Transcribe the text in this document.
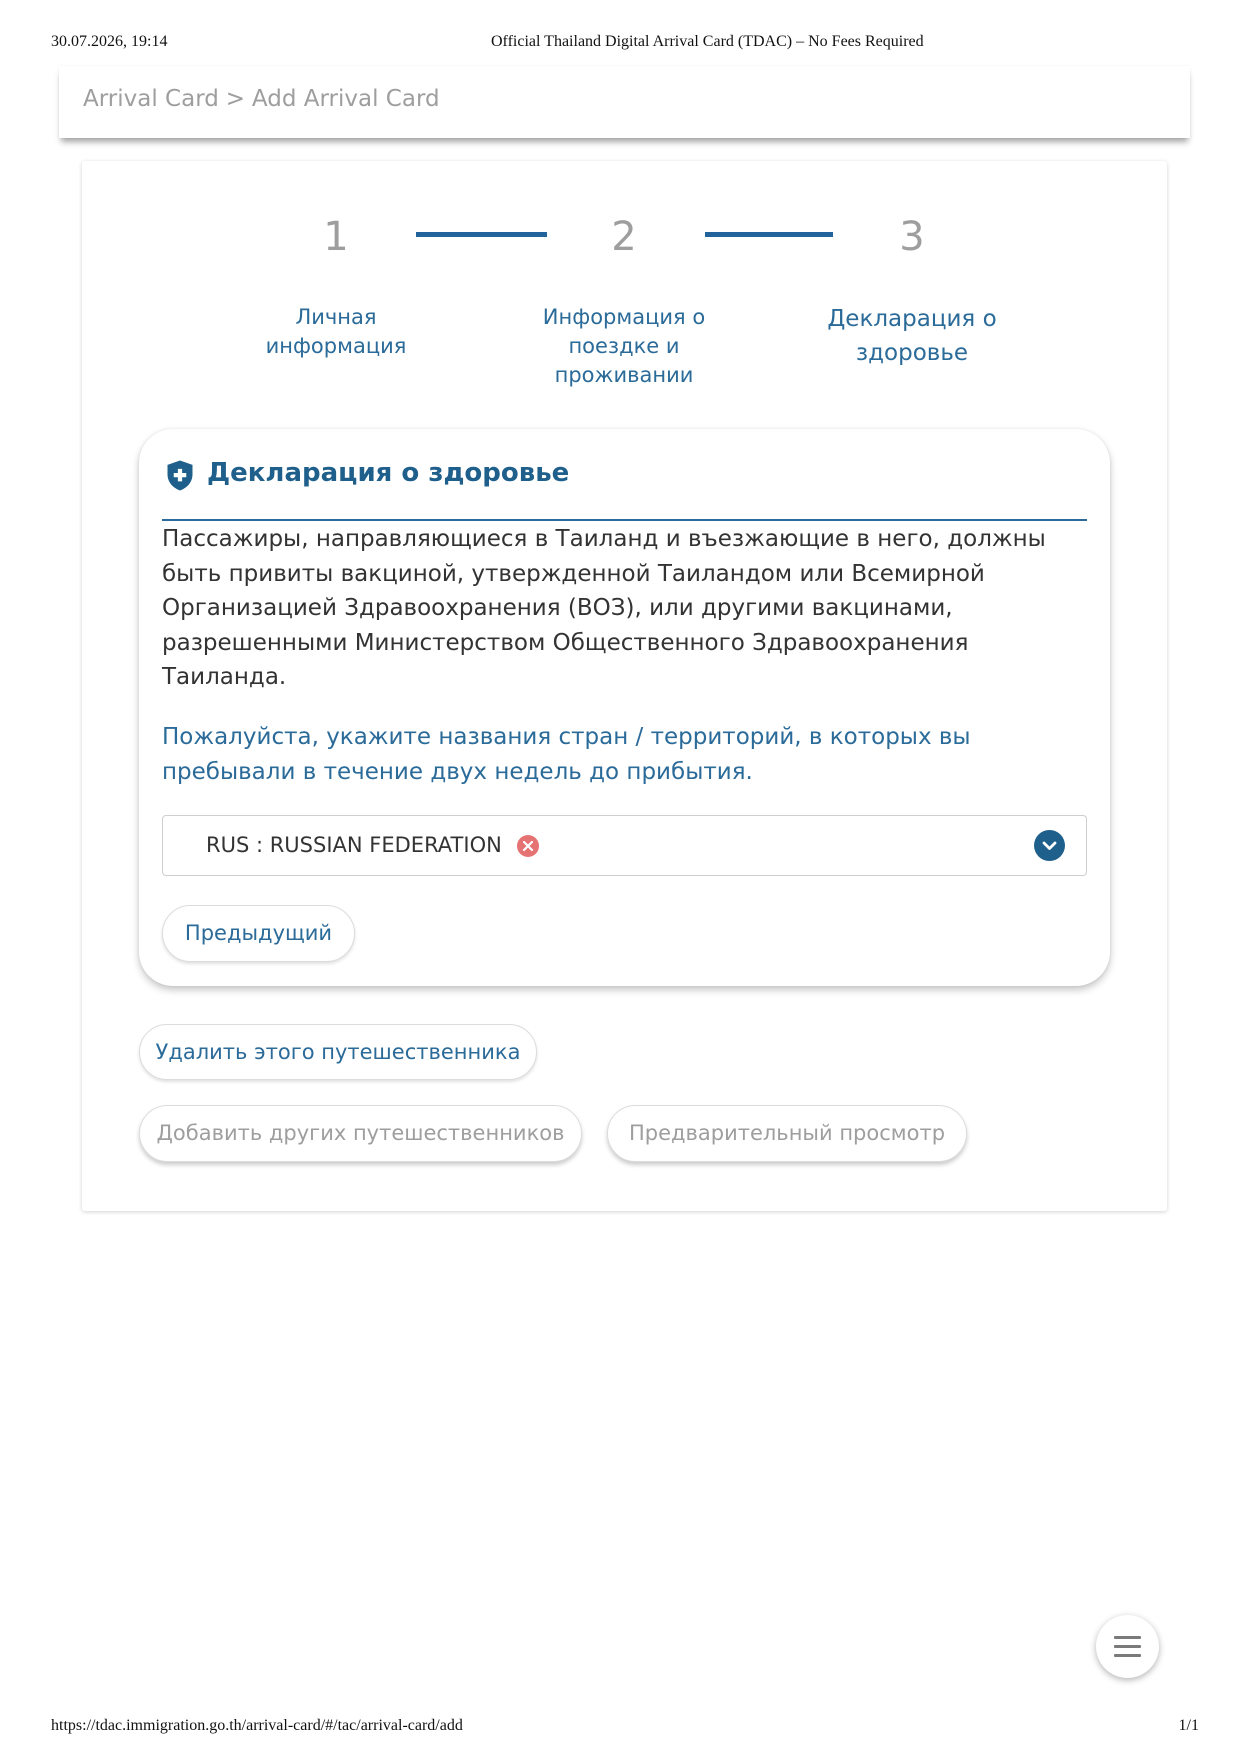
30.07.2026, 19:14	Official Thailand Digital Arrival Card (TDAC) – No Fees Required
Arrival Card > Add Arrival Card
1
Личная информация
2
Информация о поездке и проживании
3
Декларация о здоровье
Декларация о здоровье
Пассажиры, направляющиеся в Таиланд и въезжающие в него, должны быть привиты вакциной, утвержденной Таиландом или Всемирной Организацией Здравоохранения (ВОЗ), или другими вакцинами, разрешенными Министерством Общественного Здравоохранения Таиланда.
Пожалуйста, укажите названия стран / территорий, в которых вы пребывали в течение двух недель до прибытия.
RUS : RUSSIAN FEDERATION
Предыдущий
Удалить этого путешественника
Добавить других путешественников	Предварительный просмотр
https://tdac.immigration.go.th/arrival-card/#/tac/arrival-card/add	1/1
